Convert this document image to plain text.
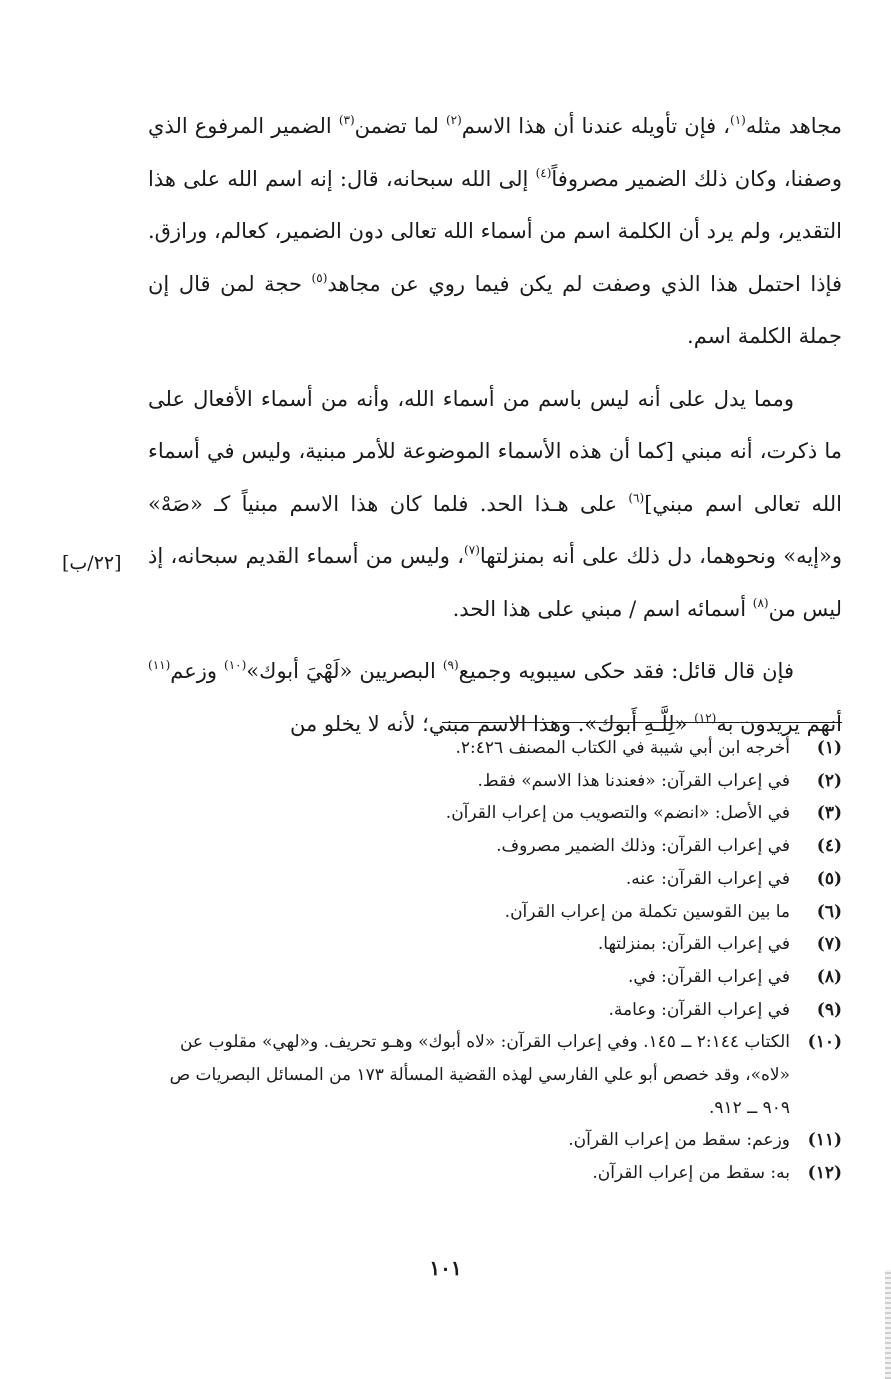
مجاهد مثله$^{(١)}$، فإن تأويله عندنا أن هذا الاسم$^{(٢)}$ لما تضمن$^{(٣)}$ الضمير المرفوع الذي وصفنا، وكان ذلك الضمير مصروفاً$^{(٤)}$ إلى الله سبحانه، قال: إنه اسم الله على هذا التقدير، ولم يرد أن الكلمة اسم من أسماء الله تعالى دون الضمير، كعالم، ورازق. فإذا احتمل هذا الذي وصفت لم يكن فيما روي عن مجاهد$^{(٥)}$ حجة لمن قال إن جملة الكلمة اسم.

ومما يدل على أنه ليس باسم من أسماء الله، وأنه من أسماء الأفعال على ما ذكرت، أنه مبني [كما أن هذه الأسماء الموضوعة للأمر مبنية، وليس في أسماء الله تعالى اسم مبني]$^{(٦)}$ على هـذا الحد. فلما كان هذا الاسم مبنياً كـ «صَهْ» و«إيه» ونحوهما، دل ذلك على أنه بمنزلتها$^{(٧)}$، وليس من أسماء القديم سبحانه، إذ ليس من$^{(٨)}$ أسمائه اسم / مبني على هذا الحد.

فإن قال قائل: فقد حكى سيبويه وجميع$^{(٩)}$ البصريين «لَهْيَ أبوك»$^{(١٠)}$ وزعم$^{(١١)}$ أنهم يريدون به$^{(١٢)}$ «لِلَّـهِ أَبوك». وهذا الاسم مبني؛ لأنه لا يخلو من

[٢٢/ب]
(١)
أخرجه ابن أبي شيبة في الكتاب المصنف ٢:٤٢٦.
(٢)
في إعراب القرآن: «فعندنا هذا الاسم» فقط.
(٣)
في الأصل: «انضم» والتصويب من إعراب القرآن.
(٤)
في إعراب القرآن: وذلك الضمير مصروف.
(٥)
في إعراب القرآن: عنه.
(٦)
ما بين القوسين تكملة من إعراب القرآن.
(٧)
في إعراب القرآن: بمنزلتها.
(٨)
في إعراب القرآن: في.
(٩)
في إعراب القرآن: وعامة.
(١٠)
الكتاب ٢:١٤٤ ــ ١٤٥. وفي إعراب القرآن: «لاه أبوك» وهـو تحريف. و«لهي» مقلوب عن «لاه»، وقد خصص أبو علي الفارسي لهذه القضية المسألة ١٧٣ من المسائل البصريات ص ٩٠٩ ــ ٩١٢.
(١١)
وزعم: سقط من إعراب القرآن.
(١٢)
به: سقط من إعراب القرآن.
١٠١
